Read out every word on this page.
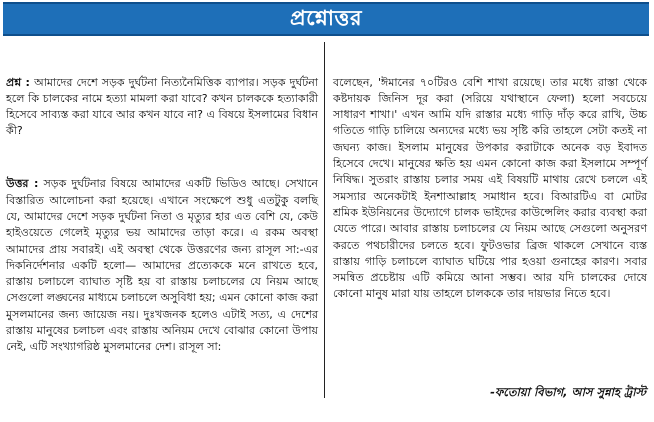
প্রশ্নোত্তর

প্রশ্ন : আমাদের দেশে সড়ক দুর্ঘটনা নিত্যনৈমিত্তিক ব্যাপার। সড়ক দুর্ঘটনা হলে কি চালকের নামে হত্যা মামলা করা যাবে? কখন চালককে হত্যাকারী হিসেবে সাব্যস্ত করা যাবে আর কখন যাবে না? এ বিষয়ে ইসলামের বিধান কী?

উত্তর : সড়ক দুর্ঘটনার বিষয়ে আমাদের একটি ভিডিও আছে। সেখানে বিস্তারিত আলোচনা করা হয়েছে। এখানে সংক্ষেপে শুধু এতটুকু বলছি যে, আমাদের দেশে সড়ক দুর্ঘটনা নিতা ও মৃত্যুর হার এত বেশি যে, কেউ হাইওয়েতে গেলেই মৃত্যুর ভয় আমাদের তাড়া করে। এ রকম অবস্থা আমাদের প্রায় সবারই। এই অবস্থা থেকে উত্তরণের জন্য রাসূল সা:-এর দিকনির্দেশনার একটি হলো— আমাদের প্রত্যেককে মনে রাখতে হবে, রাস্তায় চলাচলে ব্যাঘাত সৃষ্টি হয় বা রাস্তায় চলাচলের যে নিয়ম আছে সেগুলো লঙ্ঘনের মাধ্যমে চলাচলে অসুবিধা হয়; এমন কোনো কাজ করা মুসলমানের জন্য জায়েজ নয়। দুঃখজনক হলেও এটাই সত্য, এ দেশের রাস্তায় মানুষের চলাচল এবং রাস্তায় অনিয়ম দেখে বোঝার কোনো উপায় নেই, এটি সংখ্যাগরিষ্ঠ মুসলমানের দেশ। রাসূল সা:

বলেছেন, 'ঈমানের ৭০টিরও বেশি শাখা রয়েছে। তার মধ্যে রাস্তা থেকে কষ্টদায়ক জিনিস দূর করা (সরিয়ে যথাস্থানে ফেলা) হলো সবচেয়ে সাধারণ শাখা।' এখন আমি যদি রাস্তার মধ্যে গাড়ি দাঁড় করে রাখি, উচ্চ গতিতে গাড়ি চালিয়ে অন্যদের মধ্যে ভয় সৃষ্টি করি তাহলে সেটা কতই না জঘন্য কাজ। ইসলাম মানুষের উপকার করাটাকে অনেক বড় ইবাদত হিসেবে দেখে। মানুষের ক্ষতি হয় এমন কোনো কাজ করা ইসলামে সম্পূর্ণ নিষিদ্ধ। সুতরাং রাস্তায় চলার সময় এই বিষয়টি মাথায় রেখে চললে এই সমস্যার অনেকটাই ইনশাআল্লাহ সমাধান হবে। বিআরটিএ বা মোটর শ্রমিক ইউনিয়নের উদ্যোগে চালক ভাইদের কাউন্সেলিং করার ব্যবস্থা করা যেতে পারে। আবার রাস্তায় চলাচলের যে নিয়ম আছে সেগুলো অনুসরণ করতে পথচারীদের চলতে হবে। ফুটওভার ব্রিজ থাকলে সেখানে ব্যস্ত রাস্তায় গাড়ি চলাচলে ব্যাঘাত ঘটিয়ে পার হওয়া গুনাহের কারণ। সবার সমন্বিত প্রচেষ্টায় এটি কমিয়ে আনা সম্ভব। আর যদি চালকের দোষে কোনো মানুষ মারা যায় তাহলে চালককে তার দায়ভার নিতে হবে।

-ফতোয়া বিভাগ, আস সুন্নাহ ট্রাস্ট
